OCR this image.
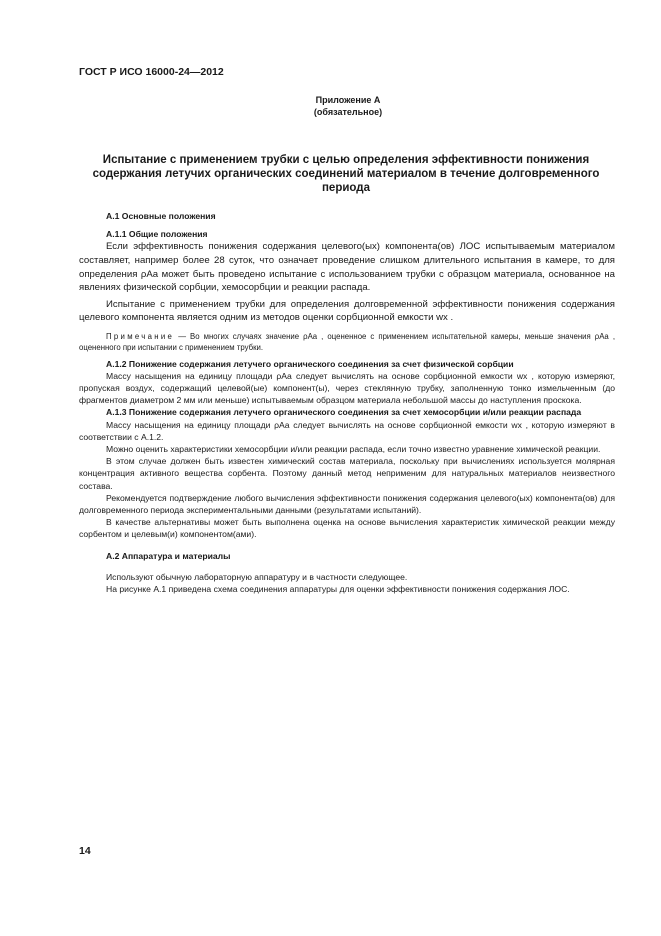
ГОСТ Р ИСО 16000-24—2012
Приложение А
(обязательное)
Испытание с применением трубки с целью определения эффективности понижения содержания летучих органических соединений материалом в течение долговременного периода

А.1 Основные положения

А.1.1 Общие положения

Если эффективность понижения содержания целевого(ых) компонента(ов) ЛОС испытываемым материалом составляет, например более 28 суток, что означает проведение слишком длительного испытания в камере, то для определения ρAa может быть проведено испытание с использованием трубки с образцом материала, основанное на явлениях физической сорбции, хемосорбции и реакции распада.

Испытание с применением трубки для определения долговременной эффективности понижения содержания целевого компонента является одним из методов оценки сорбционной емкости wx .

Примечание — Во многих случаях значение ρAa , оцененное с применением испытательной камеры, меньше значения ρAa , оцененного при испытании с применением трубки.

А.1.2 Понижение содержания летучего органического соединения за счет физической сорбции

Массу насыщения на единицу площади ρAa следует вычислять на основе сорбционной емкости wx , которую измеряют, пропуская воздух, содержащий целевой(ые) компонент(ы), через стеклянную трубку, заполненную тонко измельченным (до фрагментов диаметром 2 мм или меньше) испытываемым образцом материала небольшой массы до наступления проскока.

А.1.3 Понижение содержания летучего органического соединения за счет хемосорбции и/или реакции распада

Массу насыщения на единицу площади ρAa следует вычислять на основе сорбционной емкости wx , которую измеряют в соответствии с А.1.2.

Можно оценить характеристики хемосорбции и/или реакции распада, если точно известно уравнение химической реакции.

В этом случае должен быть известен химический состав материала, поскольку при вычислениях используется молярная концентрация активного вещества сорбента. Поэтому данный метод неприменим для натуральных материалов неизвестного состава.

Рекомендуется подтверждение любого вычисления эффективности понижения содержания целевого(ых) компонента(ов) для долговременного периода экспериментальными данными (результатами испытаний).

В качестве альтернативы может быть выполнена оценка на основе вычисления характеристик химической реакции между сорбентом и целевым(и) компонентом(ами).

А.2 Аппаратура и материалы

Используют обычную лабораторную аппаратуру и в частности следующее.

На рисунке А.1 приведена схема соединения аппаратуры для оценки эффективности понижения содержания ЛОС.

14
